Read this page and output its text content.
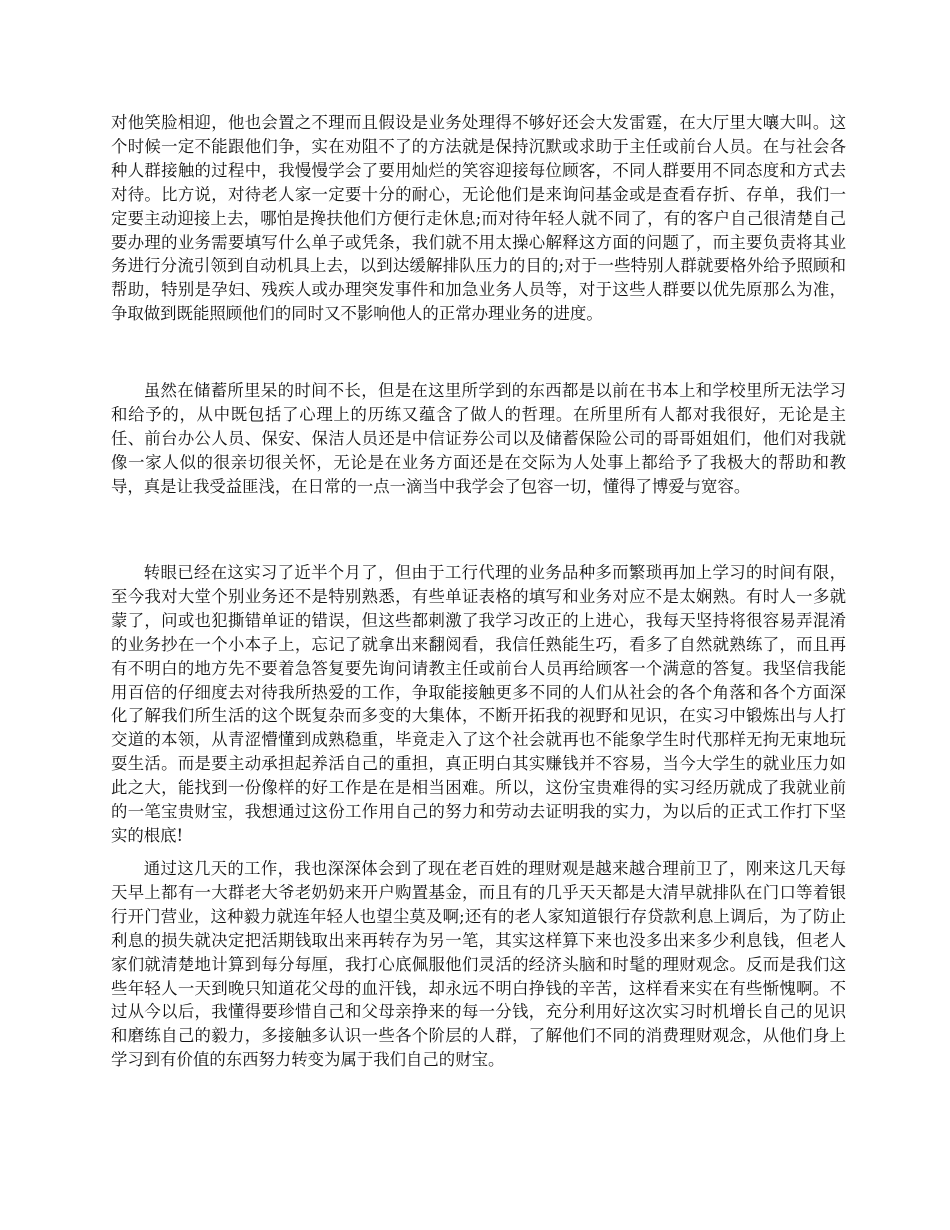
对他笑脸相迎，他也会置之不理而且假设是业务处理得不够好还会大发雷霆，在大厅里大嚷大叫。这个时候一定不能跟他们争，实在劝阻不了的方法就是保持沉默或求助于主任或前台人员。在与社会各种人群接触的过程中，我慢慢学会了要用灿烂的笑容迎接每位顾客，不同人群要用不同态度和方式去对待。比方说，对待老人家一定要十分的耐心，无论他们是来询问基金或是查看存折、存单，我们一定要主动迎接上去，哪怕是搀扶他们方便行走休息;而对待年轻人就不同了，有的客户自己很清楚自己要办理的业务需要填写什么单子或凭条，我们就不用太操心解释这方面的问题了，而主要负责将其业务进行分流引领到自动机具上去，以到达缓解排队压力的目的;对于一些特别人群就要格外给予照顾和帮助，特别是孕妇、残疾人或办理突发事件和加急业务人员等，对于这些人群要以优先原那么为准，争取做到既能照顾他们的同时又不影响他人的正常办理业务的进度。

虽然在储蓄所里呆的时间不长，但是在这里所学到的东西都是以前在书本上和学校里所无法学习和给予的，从中既包括了心理上的历练又蕴含了做人的哲理。在所里所有人都对我很好，无论是主任、前台办公人员、保安、保洁人员还是中信证券公司以及储蓄保险公司的哥哥姐姐们，他们对我就像一家人似的很亲切很关怀，无论是在业务方面还是在交际为人处事上都给予了我极大的帮助和教导，真是让我受益匪浅，在日常的一点一滴当中我学会了包容一切，懂得了博爱与宽容。

转眼已经在这实习了近半个月了，但由于工行代理的业务品种多而繁琐再加上学习的时间有限，至今我对大堂个别业务还不是特别熟悉，有些单证表格的填写和业务对应不是太娴熟。有时人一多就蒙了，问或也犯撕错单证的错误，但这些都刺激了我学习改正的上进心，我每天坚持将很容易弄混淆的业务抄在一个小本子上，忘记了就拿出来翻阅看，我信任熟能生巧，看多了自然就熟练了，而且再有不明白的地方先不要着急答复要先询问请教主任或前台人员再给顾客一个满意的答复。我坚信我能用百倍的仔细度去对待我所热爱的工作，争取能接触更多不同的人们从社会的各个角落和各个方面深化了解我们所生活的这个既复杂而多变的大集体，不断开拓我的视野和见识，在实习中锻炼出与人打交道的本领，从青涩懵懂到成熟稳重，毕竟走入了这个社会就再也不能象学生时代那样无拘无束地玩耍生活。而是要主动承担起养活自己的重担，真正明白其实赚钱并不容易，当今大学生的就业压力如此之大，能找到一份像样的好工作是在是相当困难。所以，这份宝贵难得的实习经历就成了我就业前的一笔宝贵财宝，我想通过这份工作用自己的努力和劳动去证明我的实力，为以后的正式工作打下坚实的根底!

通过这几天的工作，我也深深体会到了现在老百姓的理财观是越来越合理前卫了，刚来这几天每天早上都有一大群老大爷老奶奶来开户购置基金，而且有的几乎天天都是大清早就排队在门口等着银行开门营业，这种毅力就连年轻人也望尘莫及啊;还有的老人家知道银行存贷款利息上调后，为了防止利息的损失就决定把活期钱取出来再转存为另一笔，其实这样算下来也没多出来多少利息钱，但老人家们就清楚地计算到每分每厘，我打心底佩服他们灵活的经济头脑和时髦的理财观念。反而是我们这些年轻人一天到晚只知道花父母的血汗钱，却永远不明白挣钱的辛苦，这样看来实在有些惭愧啊。不过从今以后，我懂得要珍惜自己和父母亲挣来的每一分钱，充分利用好这次实习时机增长自己的见识和磨练自己的毅力，多接触多认识一些各个阶层的人群，了解他们不同的消费理财观念，从他们身上学习到有价值的东西努力转变为属于我们自己的财宝。
